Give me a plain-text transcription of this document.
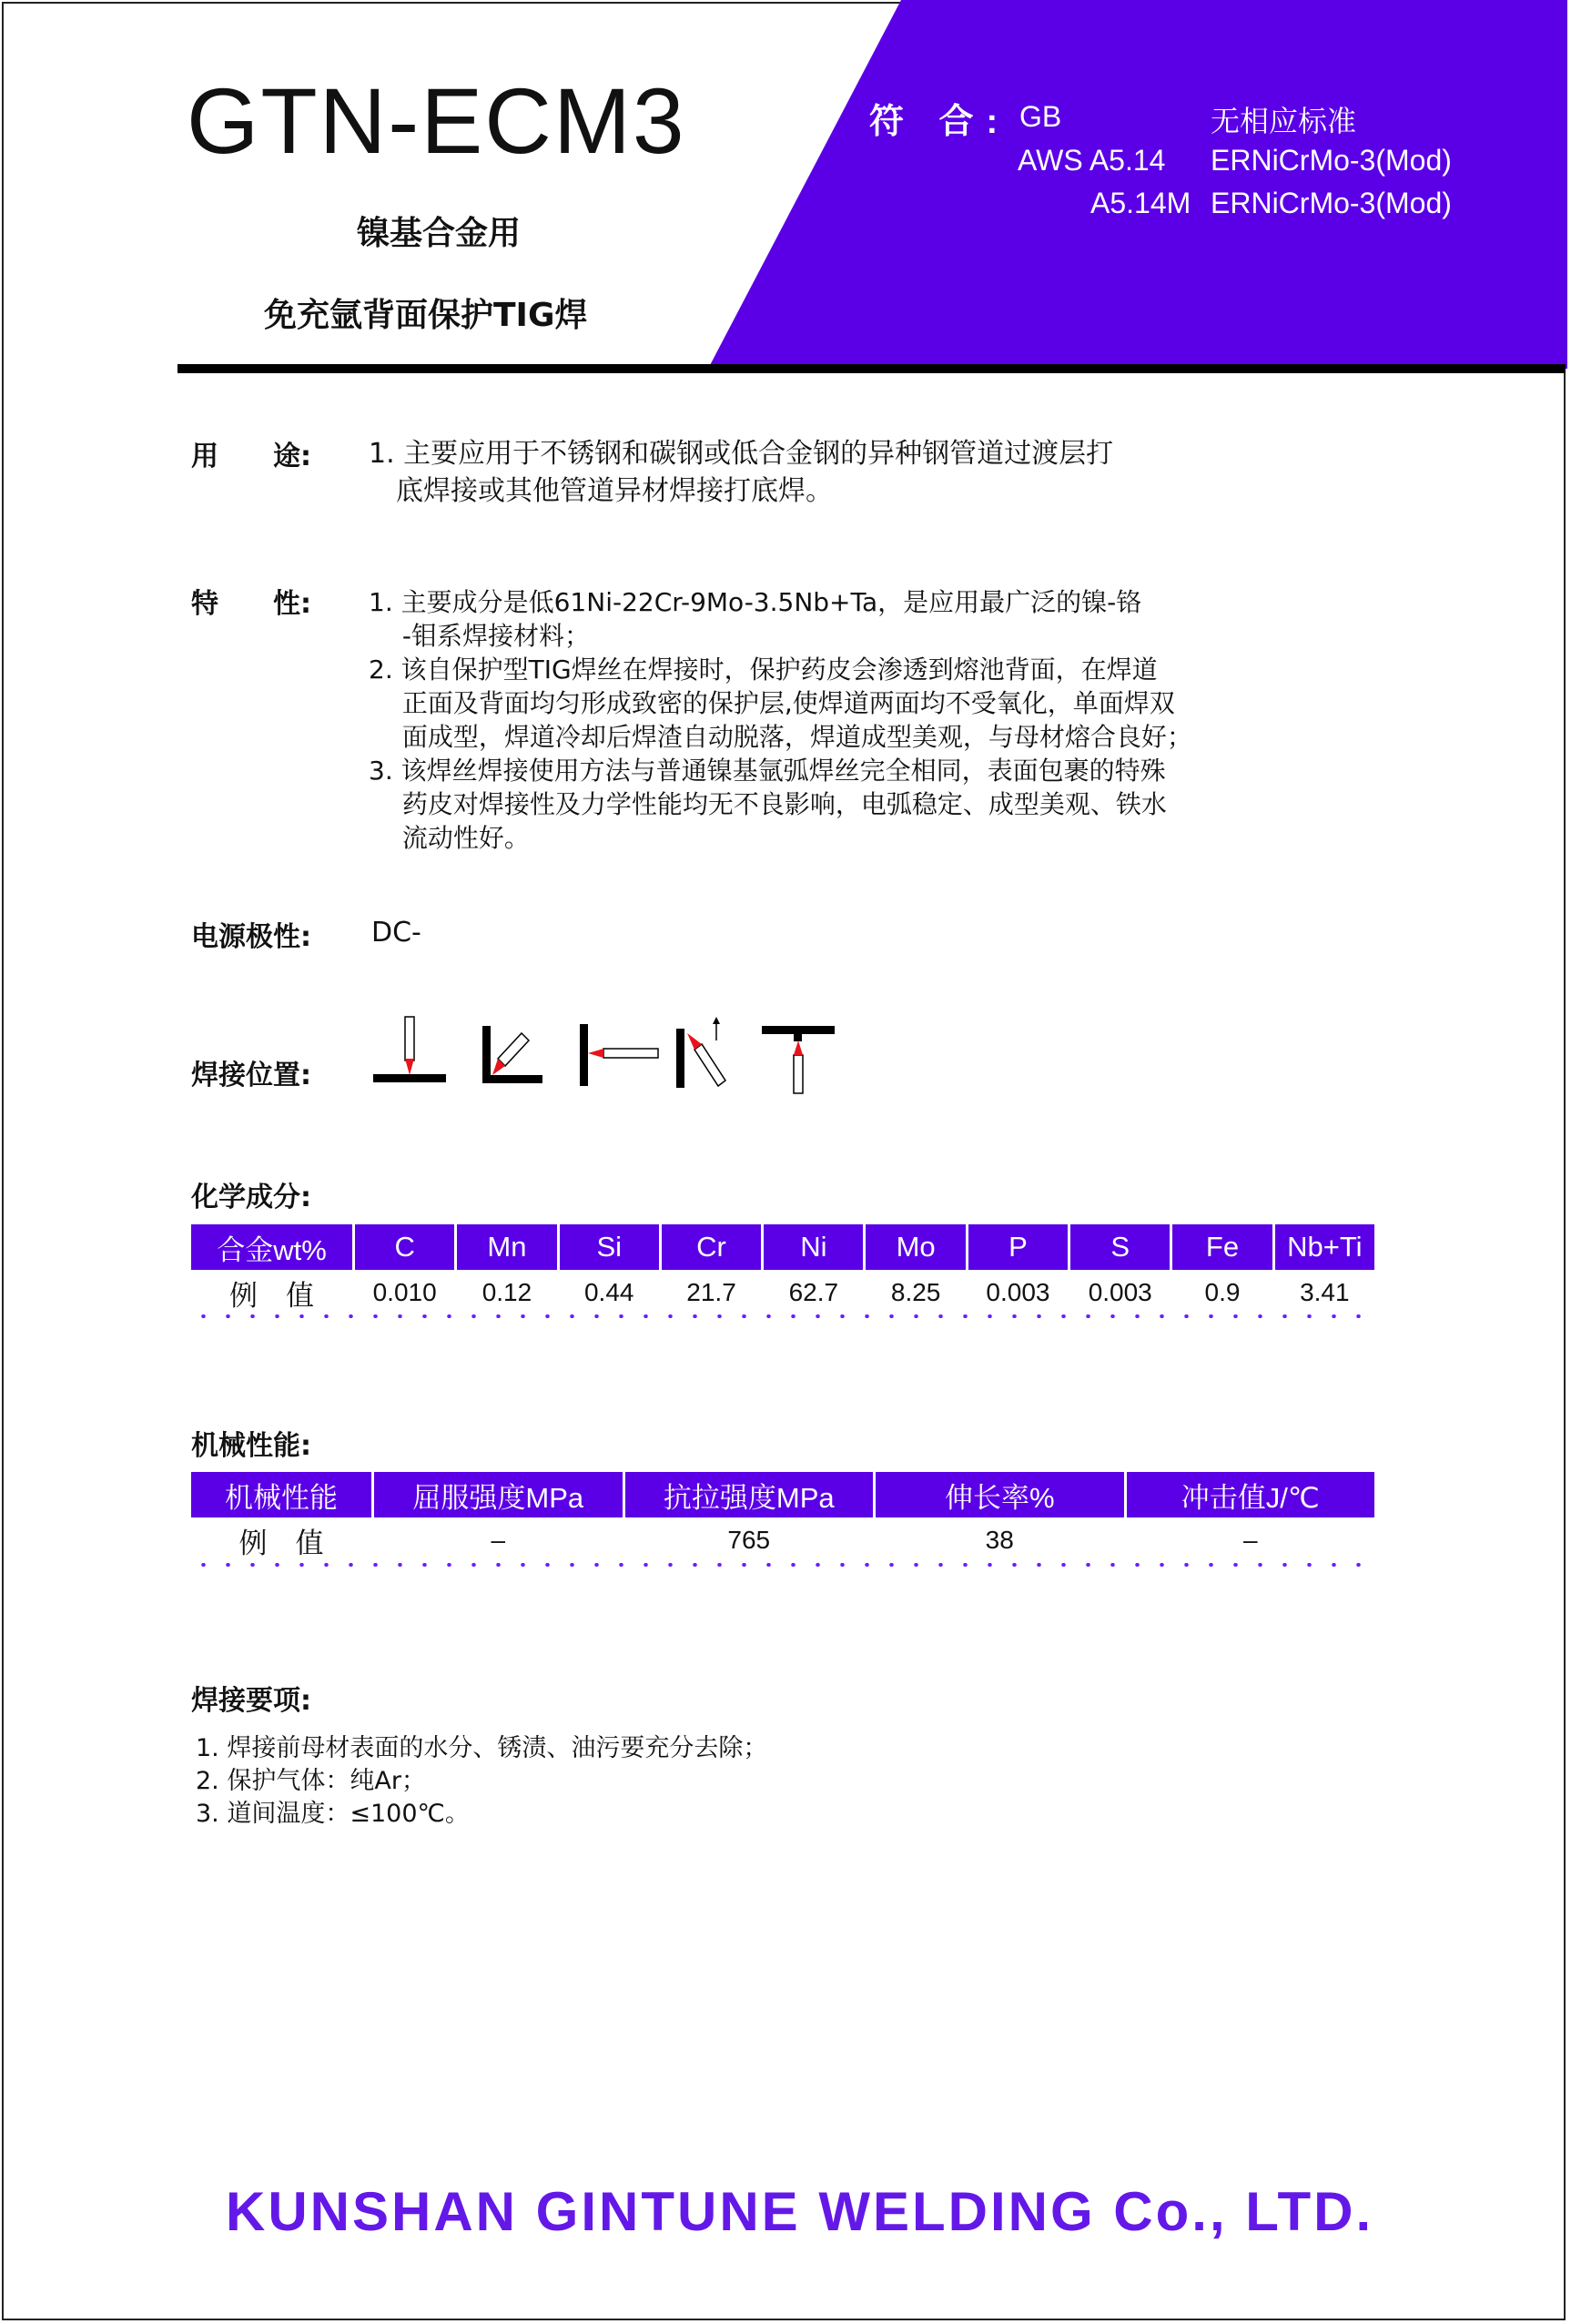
GTN-ECM3
镍基合金用
免充氩背面保护TIG焊
符 合: GB	无相应标准
AWS A5.14 ERNiCrMo-3(Mod)
A5.14M ERNiCrMo-3(Mod)
用　　途: 1. 主要应用于不锈钢和碳钢或低合金钢的异种钢管道过渡层打
　底焊接或其他管道异材焊接打底焊。
特　　性: 1. 主要成分是低61Ni-22Cr-9Mo-3.5Nb+Ta，是应用最广泛的镍-铬
　 -钼系焊接材料；
2. 该自保护型TIG焊丝在焊接时，保护药皮会渗透到熔池背面，在焊道
　 正面及背面均匀形成致密的保护层,使焊道两面均不受氧化，单面焊双
　 面成型，焊道冷却后焊渣自动脱落，焊道成型美观，与母材熔合良好；
3. 该焊丝焊接使用方法与普通镍基氩弧焊丝完全相同，表面包裹的特殊
　 药皮对焊接性及力学性能均无不良影响，电弧稳定、成型美观、铁水
　 流动性好。
电源极性: DC-
焊接位置:
化学成分:
合金wt%	C	Mn	Si	Cr	Ni	Mo	P	S	Fe	Nb+Ti
例　值	0.010	0.12	0.44	21.7	62.7	8.25	0.003	0.003	0.9	3.41
机械性能:
机械性能	屈服强度MPa	抗拉强度MPa	伸长率%	冲击值J/℃
例　值	–	765	38	–
焊接要项:
1. 焊接前母材表面的水分、锈渍、油污要充分去除；
2. 保护气体：纯Ar；
3. 道间温度：≤100℃。
KUNSHAN GINTUNE WELDING Co., LTD.
